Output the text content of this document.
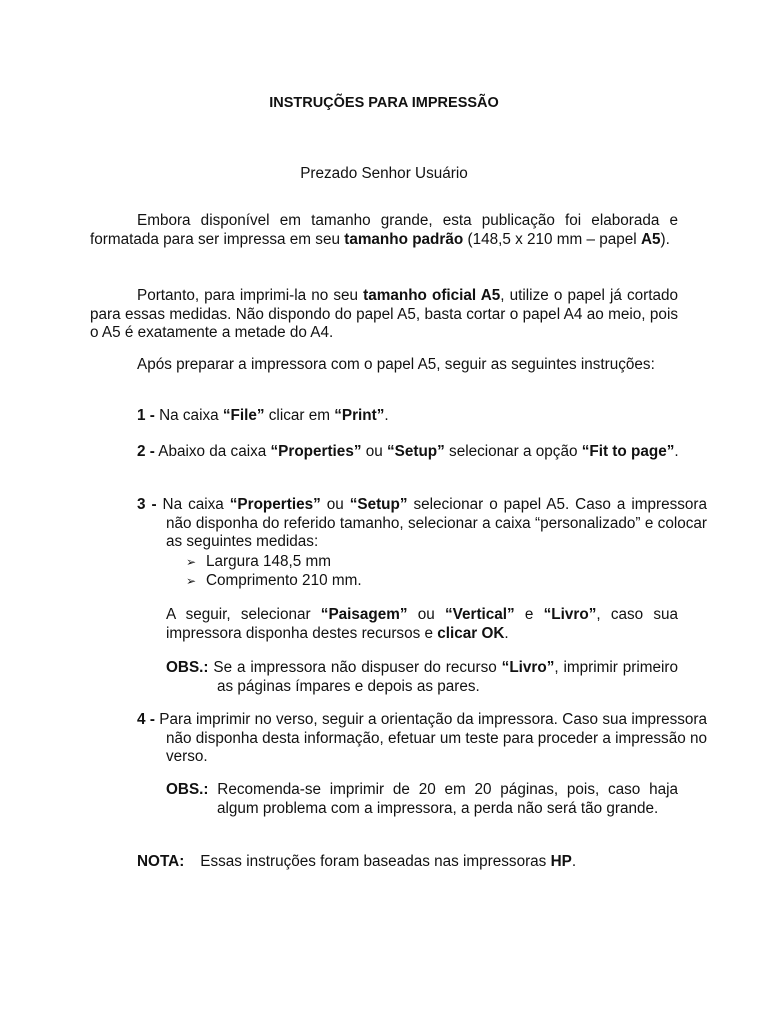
INSTRUÇÕES PARA IMPRESSÃO
Prezado Senhor Usuário
Embora disponível em tamanho grande, esta publicação foi elaborada e formatada para ser impressa em seu tamanho padrão (148,5 x 210 mm – papel A5).
Portanto, para imprimi-la no seu tamanho oficial A5, utilize o papel já cortado para essas medidas. Não dispondo do papel A5, basta cortar o papel A4 ao meio, pois o A5 é exatamente a metade do A4.
Após preparar a impressora com o papel A5, seguir as seguintes instruções:
1 - Na caixa “File” clicar em “Print”.
2 - Abaixo da caixa “Properties” ou “Setup” selecionar a opção “Fit to page”.
3 - Na caixa “Properties” ou “Setup” selecionar o papel A5. Caso a impressora não disponha do referido tamanho, selecionar a caixa “personalizado” e colocar as seguintes medidas:
➢ Largura 148,5 mm
➢ Comprimento 210 mm.
A seguir, selecionar “Paisagem” ou “Vertical” e “Livro”, caso sua impressora disponha destes recursos e clicar OK.
OBS.: Se a impressora não dispuser do recurso “Livro”, imprimir primeiro as páginas ímpares e depois as pares.
4 - Para imprimir no verso, seguir a orientação da impressora. Caso sua impressora não disponha desta informação, efetuar um teste para proceder a impressão no verso.
OBS.: Recomenda-se imprimir de 20 em 20 páginas, pois, caso haja algum problema com a impressora, a perda não será tão grande.
NOTA: Essas instruções foram baseadas nas impressoras HP.
